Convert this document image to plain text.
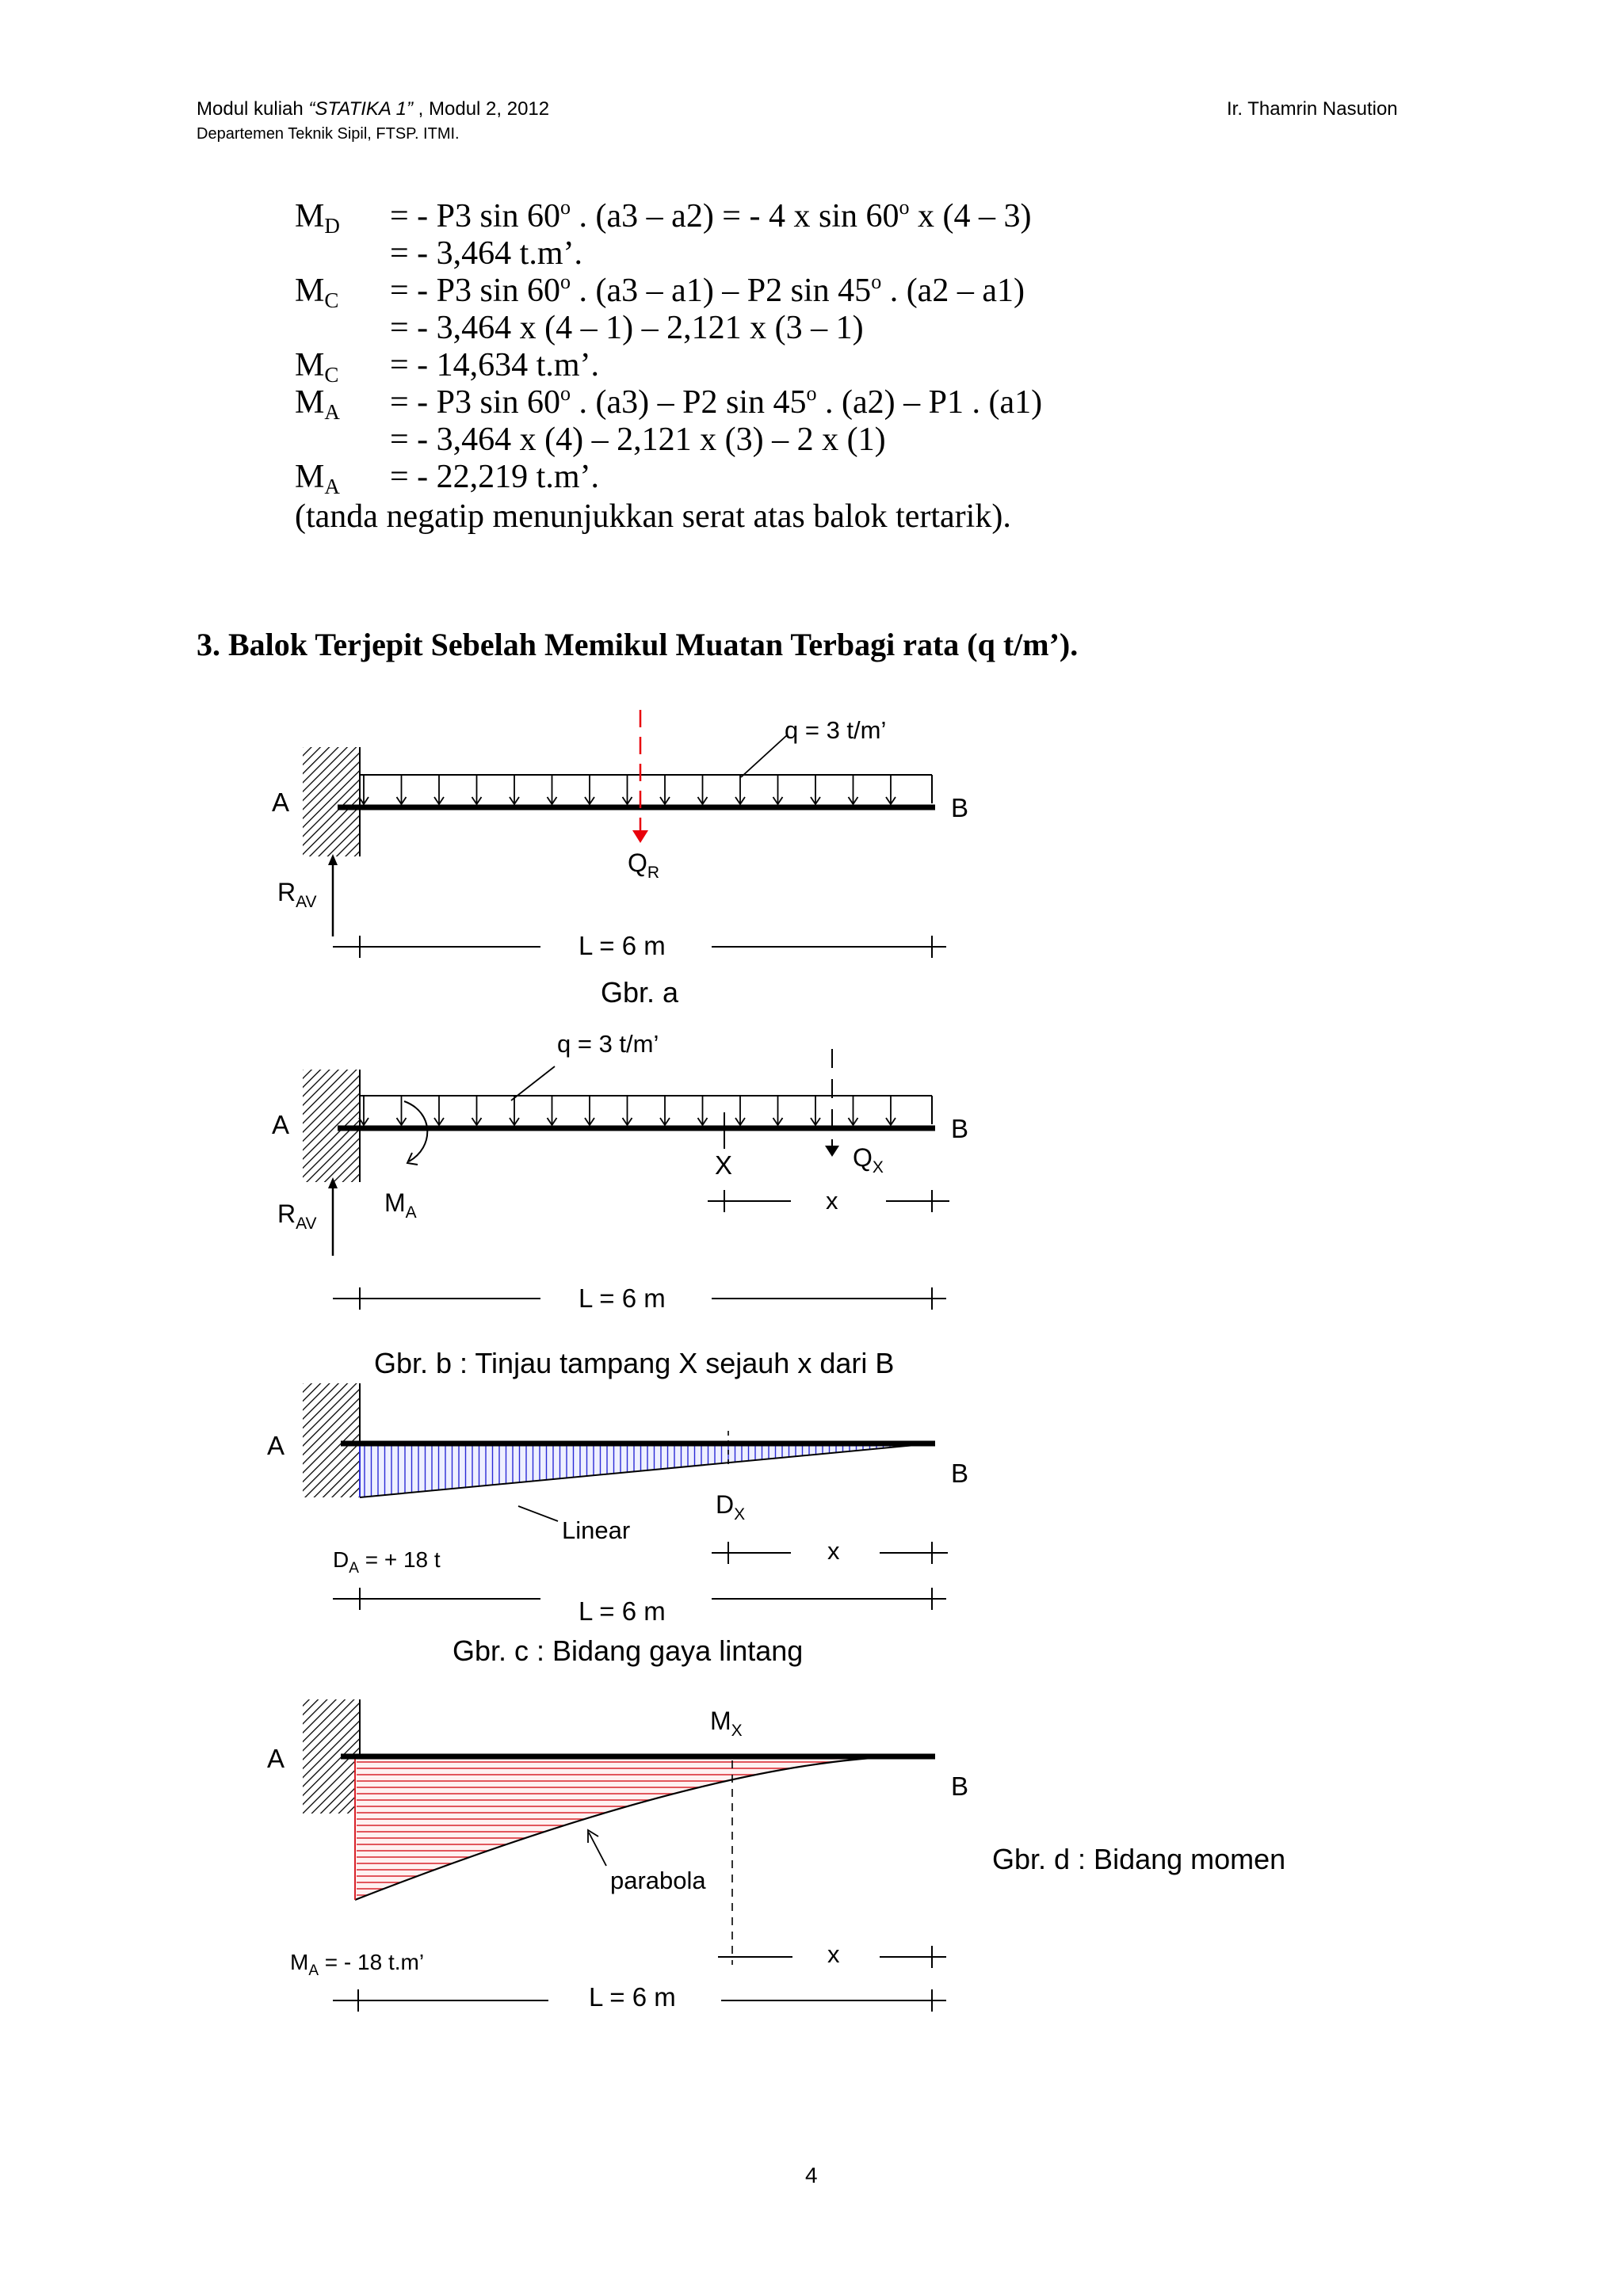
Modul kuliah “STATIKA 1” , Modul 2, 2012
Departemen Teknik Sipil, FTSP. ITMI.
Ir. Thamrin Nasution
$M_D$ = - P3 sin 60$^o$ . (a3 – a2) = - 4 x sin 60$^o$ x (4 – 3)
= - 3,464 t.m’.
$M_C$ = - P3 sin 60$^o$ . (a3 – a1) – P2 sin 45$^o$ . (a2 – a1)
= - 3,464 x (4 – 1) – 2,121 x (3 – 1)
$M_C$ = - 14,634 t.m’.
$M_A$ = - P3 sin 60$^o$ . (a3) – P2 sin 45$^o$ . (a2) – P1 . (a1)
= - 3,464 x (4) – 2,121 x (3) – 2 x (1)
$M_A$ = - 22,219 t.m’.
(tanda negatip menunjukkan serat atas balok tertarik).
3. Balok Terjepit Sebelah Memikul Muatan Terbagi rata (q t/m’).
q = 3 t/m’
A	B
$Q_R$
$R_{AV}$
L = 6 m
Gbr. a
q = 3 t/m’
$Q_X$
X
$M_A$
A	B
$R_{AV}$
x
L = 6 m
Gbr. b : Tinjau tampang X sejauh x dari B
A
B
$D_X$
Linear
$D_A$ = + 18 t	x
L = 6 m
Gbr. c : Bidang gaya lintang
$M_X$
A
B
parabola
$M_A$ = - 18 t.m’	x
L = 6 m
Gbr. d : Bidang momen
4
